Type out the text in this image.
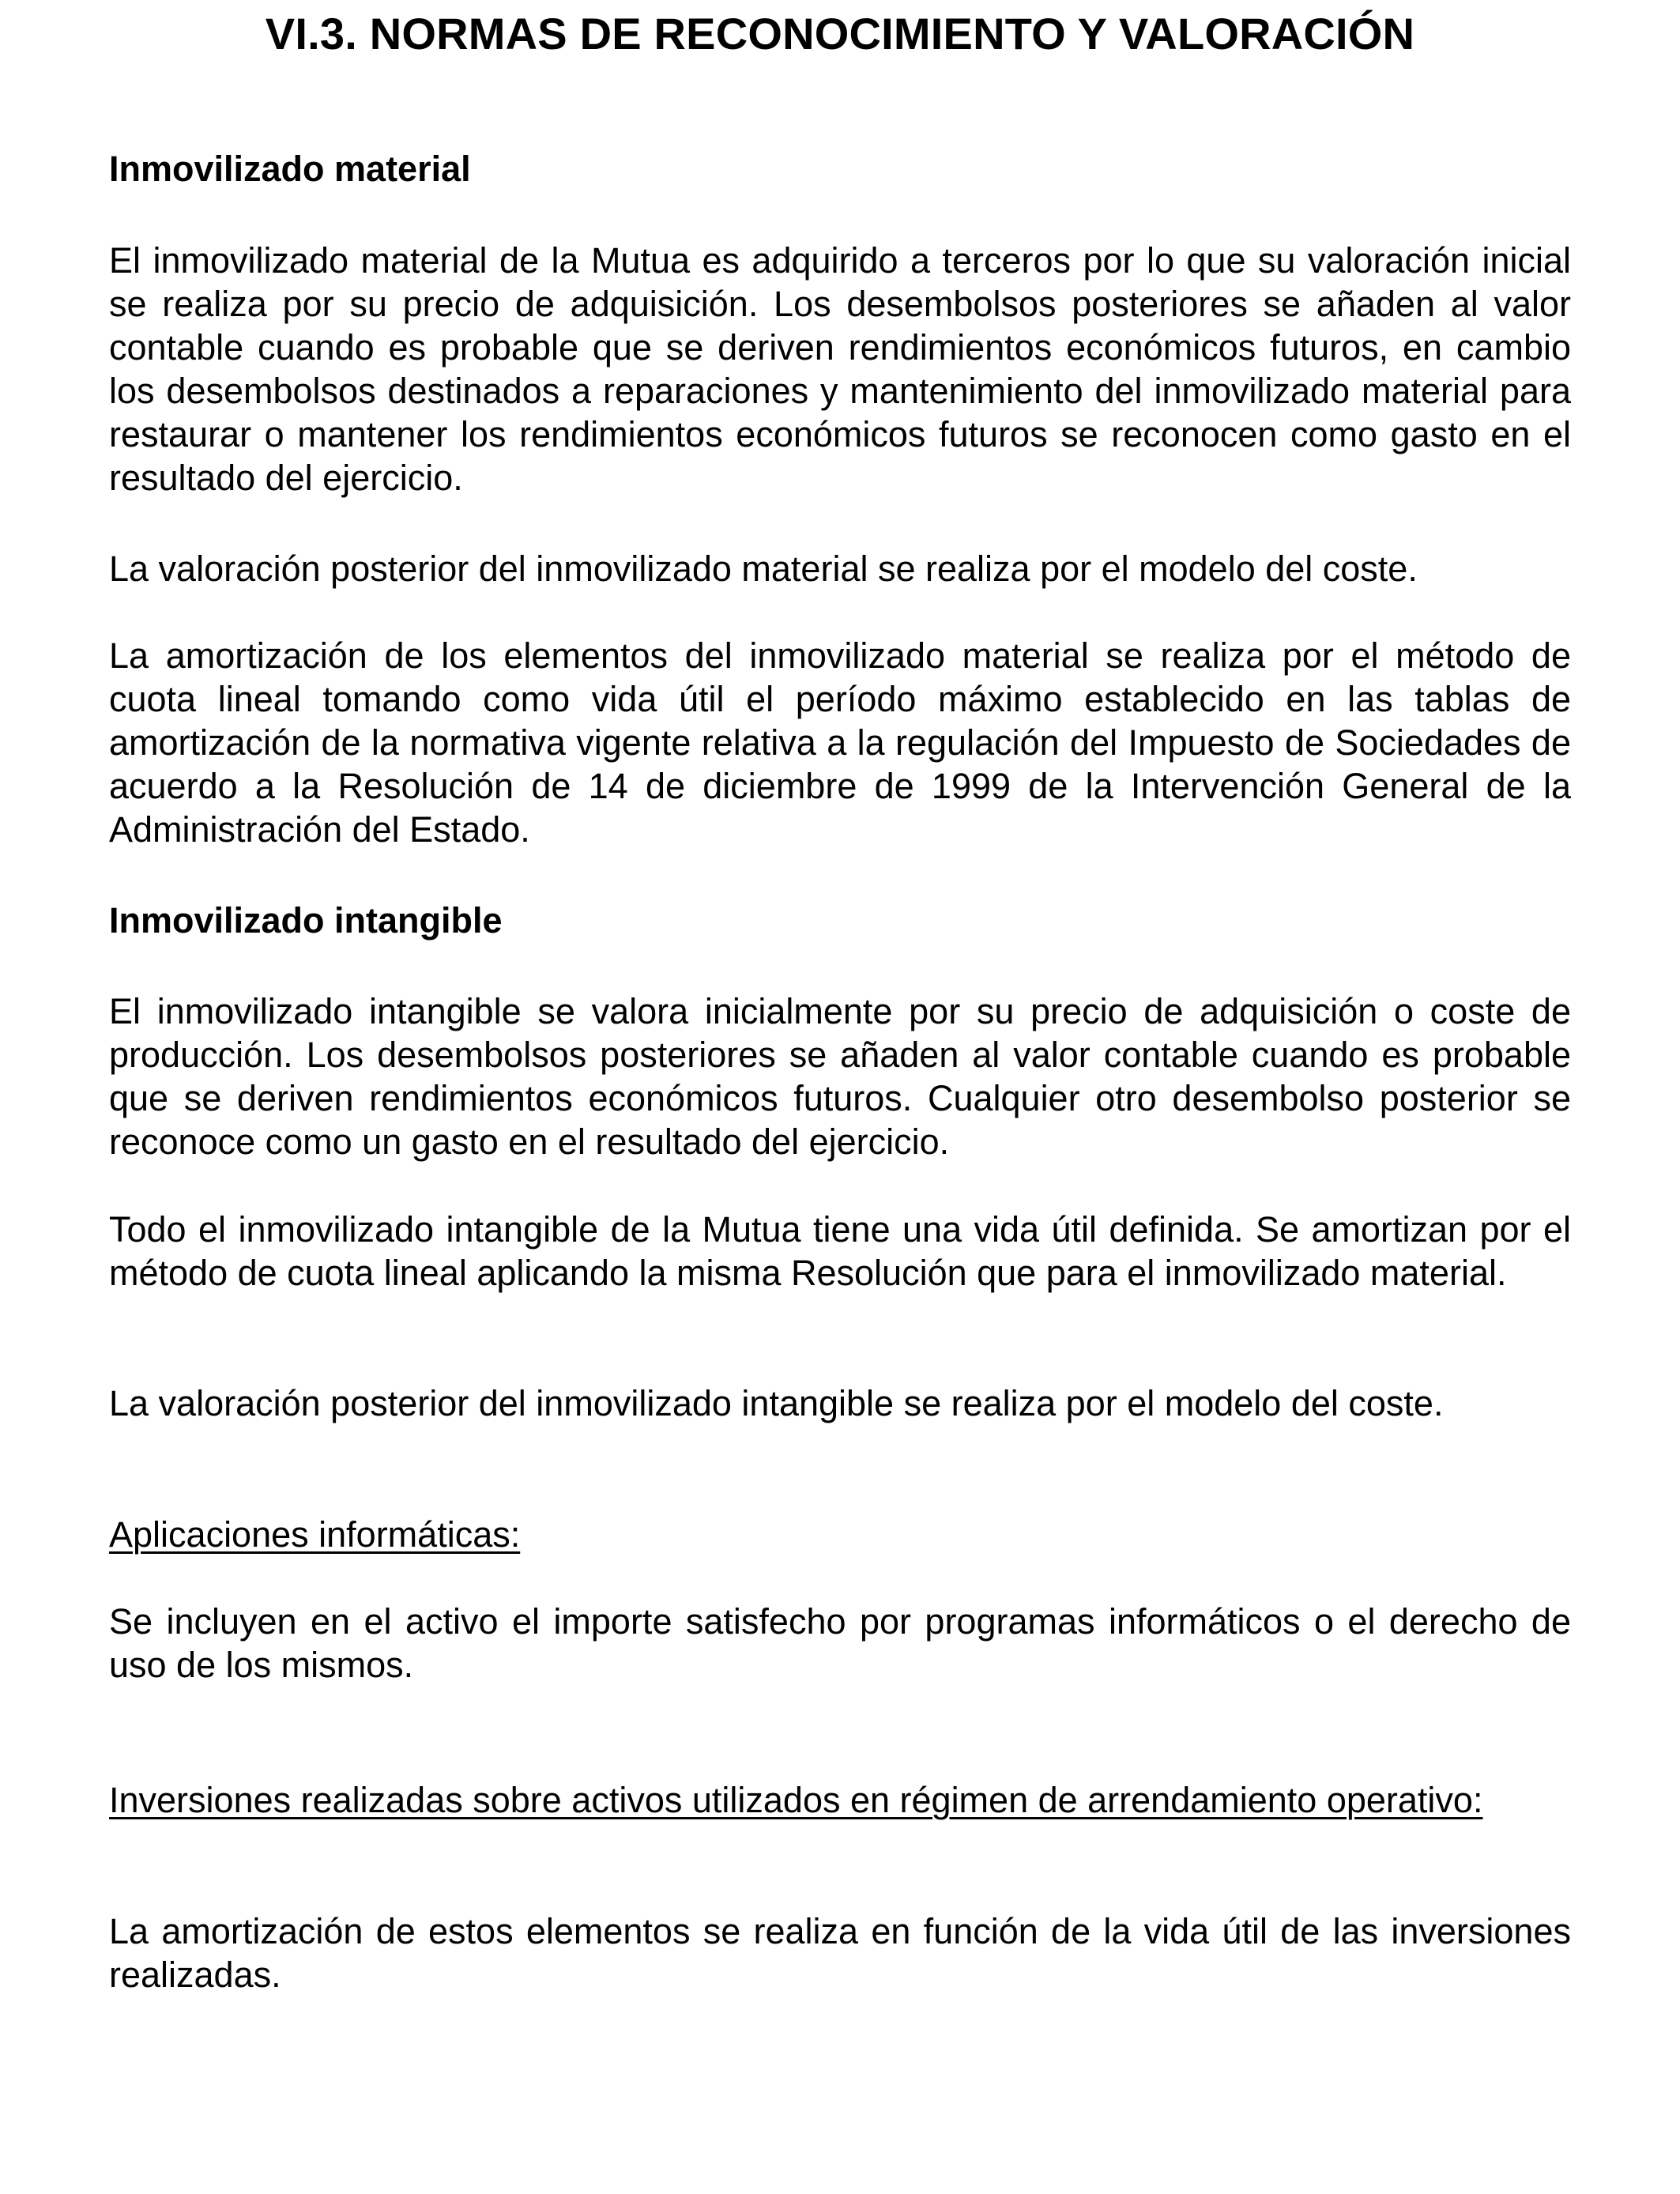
VI.3. NORMAS DE RECONOCIMIENTO Y VALORACIÓN
Inmovilizado material

El inmovilizado material de la Mutua es adquirido a terceros por lo que su valoración inicial se realiza por su precio de adquisición. Los desembolsos posteriores se añaden al valor contable cuando es probable que se deriven rendimientos económicos futuros, en cambio los desembolsos destinados a reparaciones y mantenimiento del inmovilizado material para restaurar o mantener los rendimientos económicos futuros se reconocen como gasto en el resultado del ejercicio.

La valoración posterior del inmovilizado material se realiza por el modelo del coste.

La amortización de los elementos del inmovilizado material se realiza por el método de cuota lineal tomando como vida útil el período máximo establecido en las tablas de amortización de la normativa vigente relativa a la regulación del Impuesto de Sociedades de acuerdo a la Resolución de 14 de diciembre de 1999 de la Intervención General de la Administración del Estado.

Inmovilizado intangible

El inmovilizado intangible se valora inicialmente por su precio de adquisición o coste de producción. Los desembolsos posteriores se añaden al valor contable cuando es probable que se deriven rendimientos económicos futuros. Cualquier otro desembolso posterior se reconoce como un gasto en el resultado del ejercicio.

Todo el inmovilizado intangible de la Mutua tiene una vida útil definida. Se amortizan por el método de cuota lineal aplicando la misma Resolución que para el inmovilizado material.

La valoración posterior del inmovilizado intangible se realiza por el modelo del coste.

Aplicaciones informáticas:

Se incluyen en el activo el importe satisfecho por programas informáticos o el derecho de uso de los mismos.

Inversiones realizadas sobre activos utilizados en régimen de arrendamiento operativo:

La amortización de estos elementos se realiza en función de la vida útil de las inversiones realizadas.
